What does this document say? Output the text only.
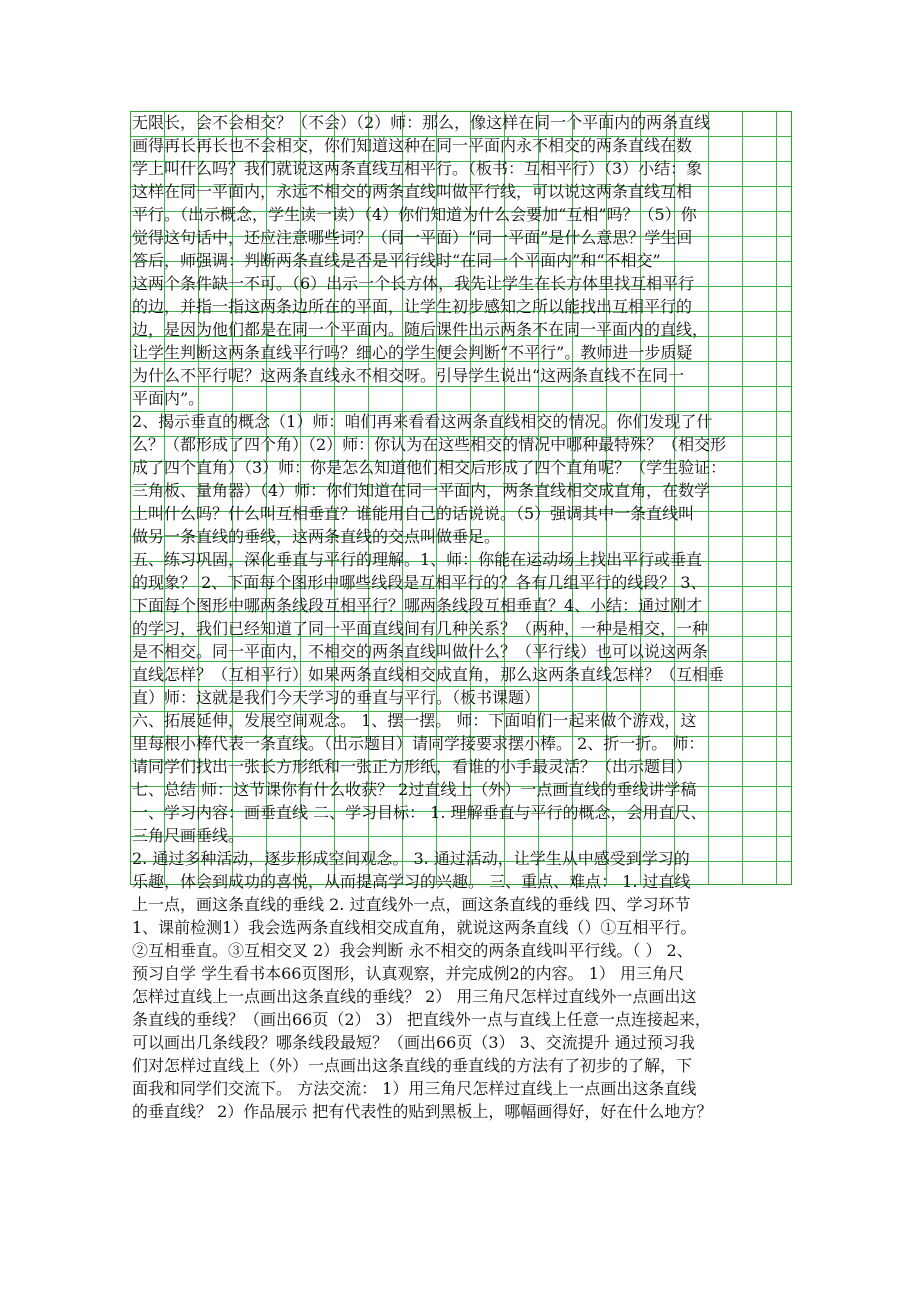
无限长，会不会相交？（不会）（2）师：那么，像这样在同一个平面内的两条直线
画得再长再长也不会相交，你们知道这种在同一平面内永不相交的两条直线在数
学上叫什么吗？我们就说这两条直线互相平行。（板书：互相平行）（3）小结：象
这样在同一平面内，永远不相交的两条直线叫做平行线，可以说这两条直线互相
平行。（出示概念，学生读一读）（4）你们知道为什么会要加“互相”吗？（5）你
觉得这句话中，还应注意哪些词？（同一平面）“同一平面”是什么意思？学生回
答后，师强调：判断两条直线是否是平行线时“在同一个平面内”和“不相交”
这两个条件缺一不可。（6）出示一个长方体，我先让学生在长方体里找互相平行
的边，并指一指这两条边所在的平面，让学生初步感知之所以能找出互相平行的
边，是因为他们都是在同一个平面内。随后课件出示两条不在同一平面内的直线，
让学生判断这两条直线平行吗？细心的学生便会判断“不平行”。教师进一步质疑
为什么不平行呢？这两条直线永不相交呀。引导学生说出“这两条直线不在同一
平面内”。
2、揭示垂直的概念（1）师：咱们再来看看这两条直线相交的情况。你们发现了什
么？（都形成了四个角）（2）师：你认为在这些相交的情况中哪种最特殊？（相交形
成了四个直角）（3）师：你是怎么知道他们相交后形成了四个直角呢？（学生验证：
三角板、量角器）（4）师：你们知道在同一平面内，两条直线相交成直角，在数学
上叫什么吗？什么叫互相垂直？谁能用自己的话说说。（5）强调其中一条直线叫
做另一条直线的垂线，这两条直线的交点叫做垂足。
五、练习巩固，深化垂直与平行的理解。1、师：你能在运动场上找出平行或垂直
的现象？ 2、下面每个图形中哪些线段是互相平行的？各有几组平行的线段？ 3、
下面每个图形中哪两条线段互相平行？哪两条线段互相垂直？4、小结：通过刚才
的学习，我们已经知道了同一平面直线间有几种关系？（两种，一种是相交，一种
是不相交。同一平面内，不相交的两条直线叫做什么？（平行线）也可以说这两条
直线怎样？（互相平行）如果两条直线相交成直角，那么这两条直线怎样？（互相垂
直）师：这就是我们今天学习的垂直与平行。（板书课题）
六、拓展延伸，发展空间观念。 1、摆一摆。 师：下面咱们一起来做个游戏，这
里每根小棒代表一条直线。（出示题目）请同学接要求摆小棒。 2、折一折。 师：
请同学们找出一张长方形纸和一张正方形纸，看谁的小手最灵活？（出示题目）
七、总结 师：这节课你有什么收获？ 2过直线上（外）一点画直线的垂线讲学稿
一、学习内容：画垂直线 二、学习目标： 1. 理解垂直与平行的概念，会用直尺、
三角尺画垂线。
2. 通过多种活动，逐步形成空间观念。 3. 通过活动，让学生从中感受到学习的
乐趣，体会到成功的喜悦，从而提高学习的兴趣。 三、重点、难点： 1. 过直线
上一点，画这条直线的垂线 2. 过直线外一点，画这条直线的垂线 四、学习环节
1、课前检测1）我会选两条直线相交成直角，就说这两条直线（）①互相平行。
②互相垂直。③互相交叉 2）我会判断 永不相交的两条直线叫平行线。（ ） 2、
预习自学 学生看书本66页图形，认真观察，并完成例2的内容。 1） 用三角尺
怎样过直线上一点画出这条直线的垂线？ 2） 用三角尺怎样过直线外一点画出这
条直线的垂线？（画出66页（2） 3） 把直线外一点与直线上任意一点连接起来，
可以画出几条线段？哪条线段最短？（画出66页（3） 3、交流提升 通过预习我
们对怎样过直线上（外）一点画出这条直线的垂直线的方法有了初步的了解，下
面我和同学们交流下。 方法交流： 1）用三角尺怎样过直线上一点画出这条直线
的垂直线？ 2）作品展示 把有代表性的贴到黑板上，哪幅画得好，好在什么地方？
